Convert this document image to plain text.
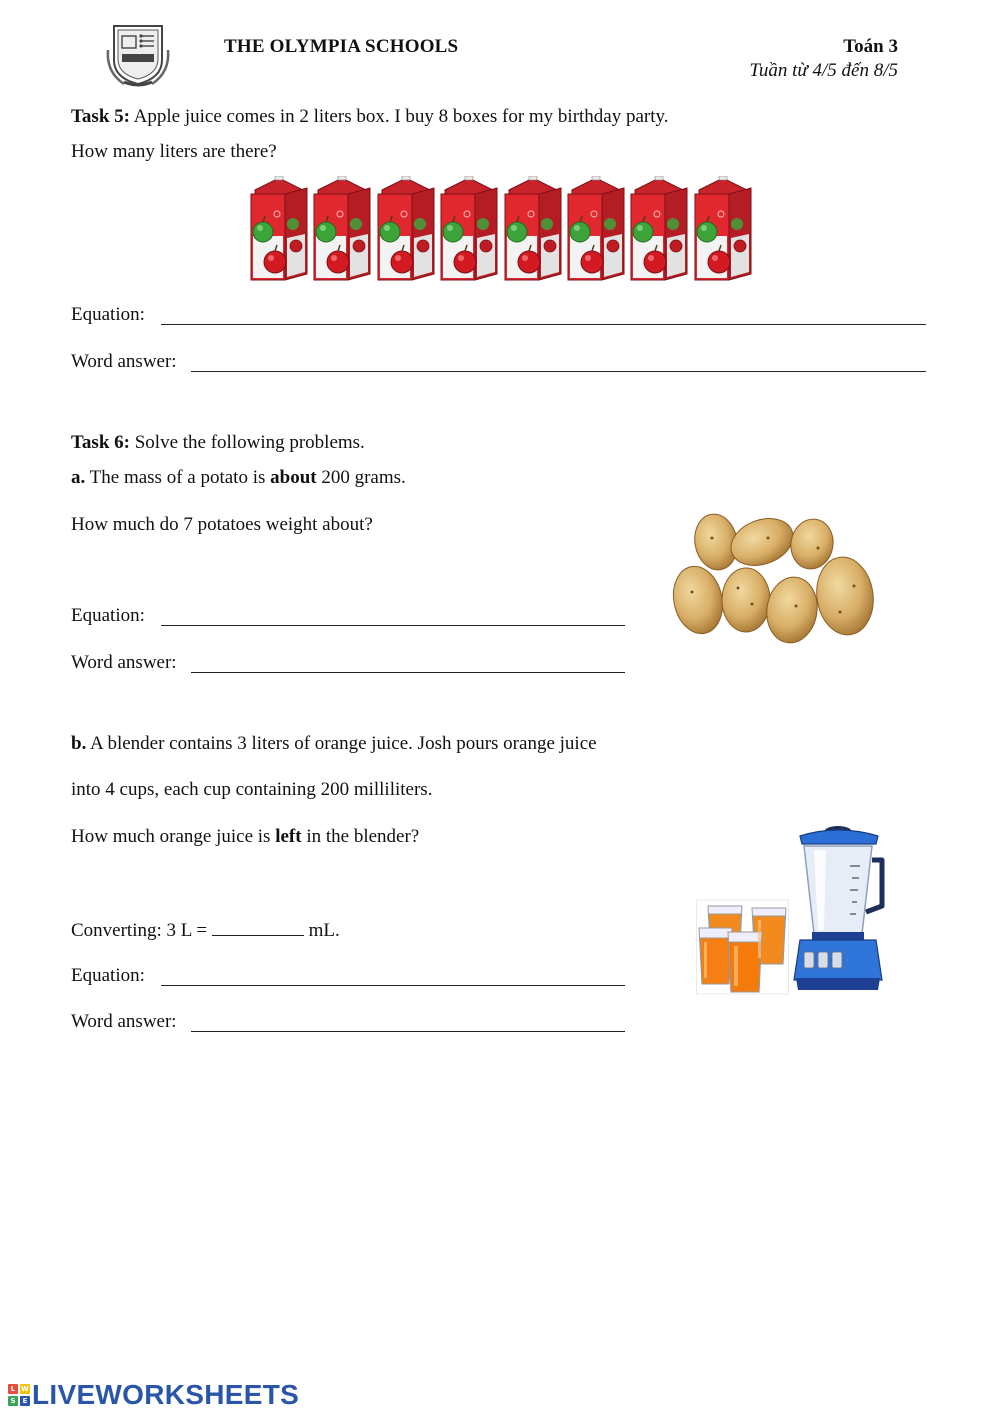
THE OLYMPIA SCHOOLS	Toán 3
Tuần từ 4/5 đến 8/5
Task 5: Apple juice comes in 2 liters box. I buy 8 boxes for my birthday party.
How many liters are there?
Equation:
Word answer:
Task 6: Solve the following problems.
a. The mass of a potato is about 200 grams.
How much do 7 potatoes weight about?
Equation:
Word answer:
b. A blender contains 3 liters of orange juice. Josh pours orange juice
into 4 cups, each cup containing 200 milliliters.
How much orange juice is left in the blender?
Converting: 3 L =	mL.
Equation:
Word answer:
L W
S	E LIVEWORKSHEETS
